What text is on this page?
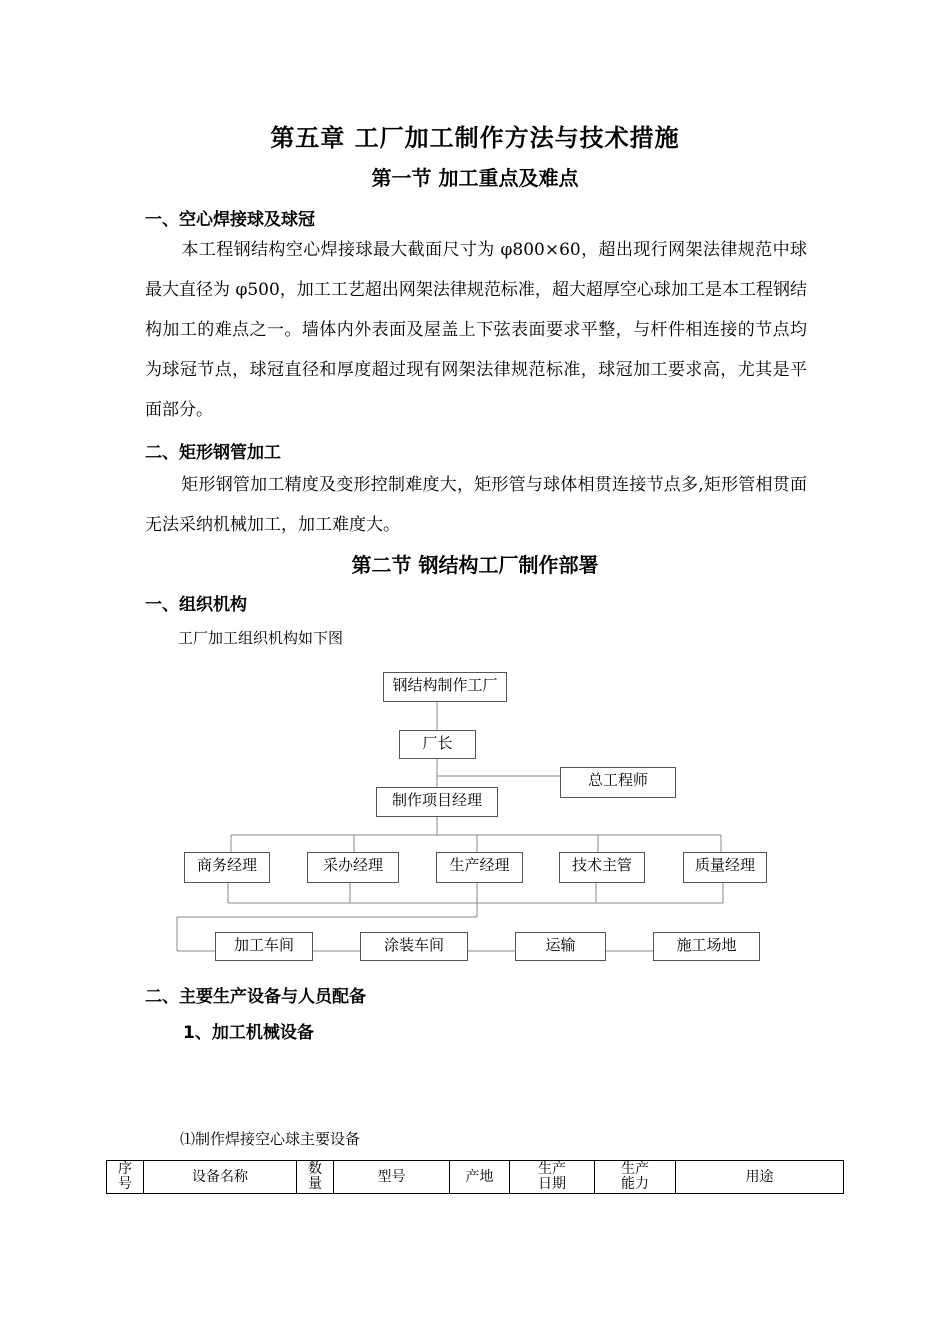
第五章 工厂加工制作方法与技术措施
第一节 加工重点及难点
一、空心焊接球及球冠
本工程钢结构空心焊接球最大截面尺寸为 φ800×60，超出现行网架法律规范中球最大直径为 φ500，加工工艺超出网架法律规范标准，超大超厚空心球加工是本工程钢结构加工的难点之一。墙体内外表面及屋盖上下弦表面要求平整，与杆件相连接的节点均为球冠节点，球冠直径和厚度超过现有网架法律规范标准，球冠加工要求高，尤其是平面部分。
二、矩形钢管加工
矩形钢管加工精度及变形控制难度大，矩形管与球体相贯连接节点多,矩形管相贯面无法采纳机械加工，加工难度大。
第二节 钢结构工厂制作部署
一、组织机构
工厂加工组织机构如下图
钢结构制作工厂
厂长
总工程师
制作项目经理
商务经理	采办经理	生产经理	技术主管	质量经理
加工车间	涂装车间	运输	施工场地
二、主要生产设备与人员配备
1、加工机械设备
⑴制作焊接空心球主要设备
序
号	设备名称	数
量	型号	产地	生产
日期	生产
能力	用途
